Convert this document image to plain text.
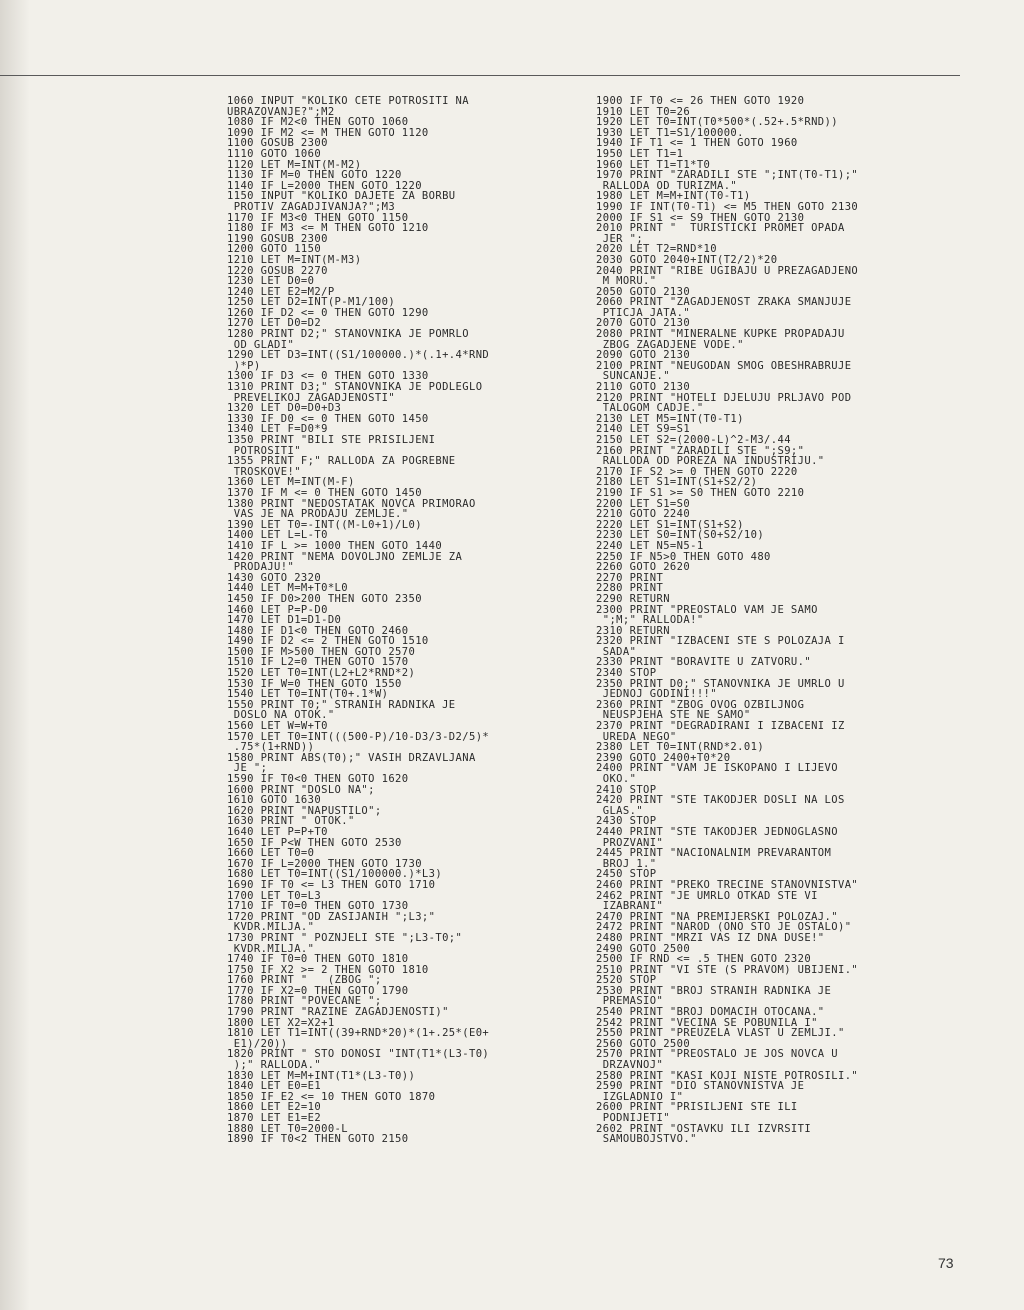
1060 INPUT "KOLIKO CETE POTROSITI NA
UBRAZOVANJE?";M2
1080 IF M2<0 THEN GOTO 1060
1090 IF M2 <= M THEN GOTO 1120
1100 GOSUB 2300
1110 GOTO 1060
1120 LET M=INT(M-M2)
1130 IF M=0 THEN GOTO 1220
1140 IF L=2000 THEN GOTO 1220
1150 INPUT "KOLIKO DAJETE ZA BORBU
PROTIV ZAGADJIVANJA?";M3
1170 IF M3<0 THEN GOTO 1150
1180 IF M3 <= M THEN GOTO 1210
1190 GOSUB 2300
1200 GOTO 1150
1210 LET M=INT(M-M3)
1220 GOSUB 2270
1230 LET D0=0
1240 LET E2=M2/P
1250 LET D2=INT(P-M1/100)
1260 IF D2 <= 0 THEN GOTO 1290
1270 LET D0=D2
1280 PRINT D2;" STANOVNIKA JE POMRLO
OD GLADI"
1290 LET D3=INT((S1/100000.)*(.1+.4*RND
)*P)
1300 IF D3 <= 0 THEN GOTO 1330
1310 PRINT D3;" STANOVNIKA JE PODLEGLO
PREVELIKOJ ZAGADJENOSTI"
1320 LET D0=D0+D3
1330 IF D0 <= 0 THEN GOTO 1450
1340 LET F=D0*9
1350 PRINT "BILI STE PRISILJENI
POTROSITI"
1355 PRINT F;" RALLODA ZA POGREBNE
TROSKOVE!"
1360 LET M=INT(M-F)
1370 IF M <= 0 THEN GOTO 1450
1380 PRINT "NEDOSTATAK NOVCA PRIMORAO
VAS JE NA PRODAJU ZEMLJE."
1390 LET T0=-INT((M-L0+1)/L0)
1400 LET L=L-T0
1410 IF L >= 1000 THEN GOTO 1440
1420 PRINT "NEMA DOVOLJNO ZEMLJE ZA
PRODAJU!"
1430 GOTO 2320
1440 LET M=M+T0*L0
1450 IF D0>200 THEN GOTO 2350
1460 LET P=P-D0
1470 LET D1=D1-D0
1480 IF D1<0 THEN GOTO 2460
1490 IF D2 <= 2 THEN GOTO 1510
1500 IF M>500 THEN GOTO 2570
1510 IF L2=0 THEN GOTO 1570
1520 LET T0=INT(L2+L2*RND*2)
1530 IF W=0 THEN GOTO 1550
1540 LET T0=INT(T0+.1*W)
1550 PRINT T0;" STRANIH RADNIKA JE
DOSLO NA OTOK."
1560 LET W=W+T0
1570 LET T0=INT(((500-P)/10-D3/3-D2/5)*
.75*(1+RND))
1580 PRINT ABS(T0);" VASIH DRZAVLJANA
JE ";
1590 IF T0<0 THEN GOTO 1620
1600 PRINT "DOSLO NA";
1610 GOTO 1630
1620 PRINT "NAPUSTILO";
1630 PRINT " OTOK."
1640 LET P=P+T0
1650 IF P<W THEN GOTO 2530
1660 LET T0=0
1670 IF L=2000 THEN GOTO 1730
1680 LET T0=INT((S1/100000.)*L3)
1690 IF T0 <= L3 THEN GOTO 1710
1700 LET T0=L3
1710 IF T0=0 THEN GOTO 1730
1720 PRINT "OD ZASIJANIH ";L3;"
KVDR.MILJA."
1730 PRINT " POZNJELI STE ";L3-T0;"
KVDR.MILJA."
1740 IF T0=0 THEN GOTO 1810
1750 IF X2 >= 2 THEN GOTO 1810
1760 PRINT "   (ZBOG ";
1770 IF X2=0 THEN GOTO 1790
1780 PRINT "POVECANE ";
1790 PRINT "RAZINE ZAGADJENOSTI)"
1800 LET X2=X2+1
1810 LET T1=INT((39+RND*20)*(1+.25*(E0+
E1)/20))
1820 PRINT " STO DONOSI "INT(T1*(L3-T0)
);" RALLODA."
1830 LET M=M+INT(T1*(L3-T0))
1840 LET E0=E1
1850 IF E2 <= 10 THEN GOTO 1870
1860 LET E2=10
1870 LET E1=E2
1880 LET T0=2000-L
1890 IF T0<2 THEN GOTO 2150
1900 IF T0 <= 26 THEN GOTO 1920
1910 LET T0=26
1920 LET T0=INT(T0*500*(.52+.5*RND))
1930 LET T1=S1/100000.
1940 IF T1 <= 1 THEN GOTO 1960
1950 LET T1=1
1960 LET T1=T1*T0
1970 PRINT "ZARADILI STE ";INT(T0-T1);"
RALLODA OD TURIZMA."
1980 LET M=M+INT(T0-T1)
1990 IF INT(T0-T1) <= M5 THEN GOTO 2130
2000 IF S1 <= S9 THEN GOTO 2130
2010 PRINT "  TURISTICKI PROMET OPADA
JER ";
2020 LET T2=RND*10
2030 GOTO 2040+INT(T2/2)*20
2040 PRINT "RIBE UGIBAJU U PREZAGADJENO
M MORU."
2050 GOTO 2130
2060 PRINT "ZAGADJENOST ZRAKA SMANJUJE
PTICJA JATA."
2070 GOTO 2130
2080 PRINT "MINERALNE KUPKE PROPADAJU
ZBOG ZAGADJENE VODE."
2090 GOTO 2130
2100 PRINT "NEUGODAN SMOG OBESHRABRUJE
SUNCANJE."
2110 GOTO 2130
2120 PRINT "HOTELI DJELUJU PRLJAVO POD
TALOGOM CADJE."
2130 LET M5=INT(T0-T1)
2140 LET S9=S1
2150 LET S2=(2000-L)^2-M3/.44
2160 PRINT "ZARADILI STE ";S9;"
RALLODA OD POREZA NA INDUSTRIJU."
2170 IF S2 >= 0 THEN GOTO 2220
2180 LET S1=INT(S1+S2/2)
2190 IF S1 >= S0 THEN GOTO 2210
2200 LET S1=S0
2210 GOTO 2240
2220 LET S1=INT(S1+S2)
2230 LET S0=INT(S0+S2/10)
2240 LET N5=N5-1
2250 IF N5>0 THEN GOTO 480
2260 GOTO 2620
2270 PRINT
2280 PRINT
2290 RETURN
2300 PRINT "PREOSTALO VAM JE SAMO
";M;" RALLODA!"
2310 RETURN
2320 PRINT "IZBACENI STE S POLOZAJA I
SADA"
2330 PRINT "BORAVITE U ZATVORU."
2340 STOP
2350 PRINT D0;" STANOVNIKA JE UMRLO U
JEDNOJ GODINI!!!"
2360 PRINT "ZBOG OVOG OZBILJNOG
NEUSPJEHA STE NE SAMO"
2370 PRINT "DEGRADIRANI I IZBACENI IZ
UREDA NEGO"
2380 LET T0=INT(RND*2.01)
2390 GOTO 2400+T0*20
2400 PRINT "VAM JE ISKOPANO I LIJEVO
OKO."
2410 STOP
2420 PRINT "STE TAKODJER DOSLI NA LOS
GLAS."
2430 STOP
2440 PRINT "STE TAKODJER JEDNOGLASNO
PROZVANI"
2445 PRINT "NACIONALNIM PREVARANTOM
BROJ 1."
2450 STOP
2460 PRINT "PREKO TRECINE STANOVNISTVA"
2462 PRINT "JE UMRLO OTKAD STE VI
IZABRANI"
2470 PRINT "NA PREMIJERSKI POLOZAJ."
2472 PRINT "NAROD (ONO STO JE OSTALO)"
2480 PRINT "MRZI VAS IZ DNA DUSE!"
2490 GOTO 2500
2500 IF RND <= .5 THEN GOTO 2320
2510 PRINT "VI STE (S PRAVOM) UBIJENI."
2520 STOP
2530 PRINT "BROJ STRANIH RADNIKA JE
PREMASIO"
2540 PRINT "BROJ DOMACIH OTOCANA."
2542 PRINT "VECINA SE POBUNILA I"
2550 PRINT "PREUZELA VLAST U ZEMLJI."
2560 GOTO 2500
2570 PRINT "PREOSTALO JE JOS NOVCA U
DRZAVNOJ"
2580 PRINT "KASI KOJI NISTE POTROSILI."
2590 PRINT "DIO STANOVNISTVA JE
IZGLADNIO I"
2600 PRINT "PRISILJENI STE ILI
PODNIJETI"
2602 PRINT "OSTAVKU ILI IZVRSITI
SAMOUBOJSTVO."
73
